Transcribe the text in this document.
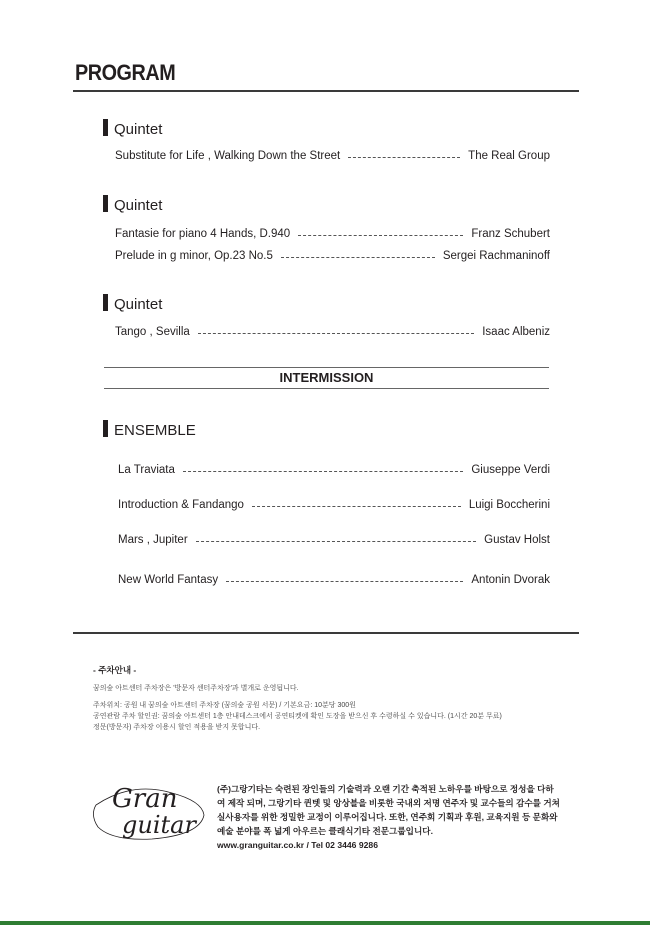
PROGRAM
Quintet
Substitute for Life , Walking Down the Street	The Real Group
Quintet
Fantasie for piano 4 Hands, D.940	Franz Schubert
Prelude in g minor, Op.23 No.5	Sergei Rachmaninoff
Quintet
Tango , Sevilla	Isaac Albeniz
INTERMISSION
ENSEMBLE
La Traviata	Giuseppe Verdi
Introduction & Fandango	Luigi Boccherini
Mars , Jupiter	Gustav Holst
New World Fantasy	Antonin Dvorak
- 주차안내 -
꿈의숲 아트센터 주차장은 '방문자 센터주차장'과 별개로 운영됩니다.
주차위치: 공원 내 꿈의숲 아트센터 주차장 (꿈의숲 공원 서문) / 기본요금: 10분당 300원
공연관람 주차 할인권: 꿈의숲 아트센터 1층 안내데스크에서 공연티켓에 확인 도장을 받으신 후 수령하실 수 있습니다. (1시간 20분 무료)
정문(방문자) 주차장 이용시 할인 적용을 받지 못합니다.
Gran
guitar
(주)그랑기타는 숙련된 장인들의 기술력과 오랜 기간 축적된 노하우를 바탕으로 정성을 다하여 제작 되며, 그랑기타 퀸텟 및 앙상블을 비롯한 국내외 저명 연주자 및 교수들의 감수를 거쳐 실사용자를 위한 정밀한 교정이 이루어집니다. 또한, 연주회 기획과 후원, 교육지원 등 문화와 예술 분야를 폭 넓게 아우르는 클래식기타 전문그룹입니다.
www.granguitar.co.kr / Tel 02 3446 9286
